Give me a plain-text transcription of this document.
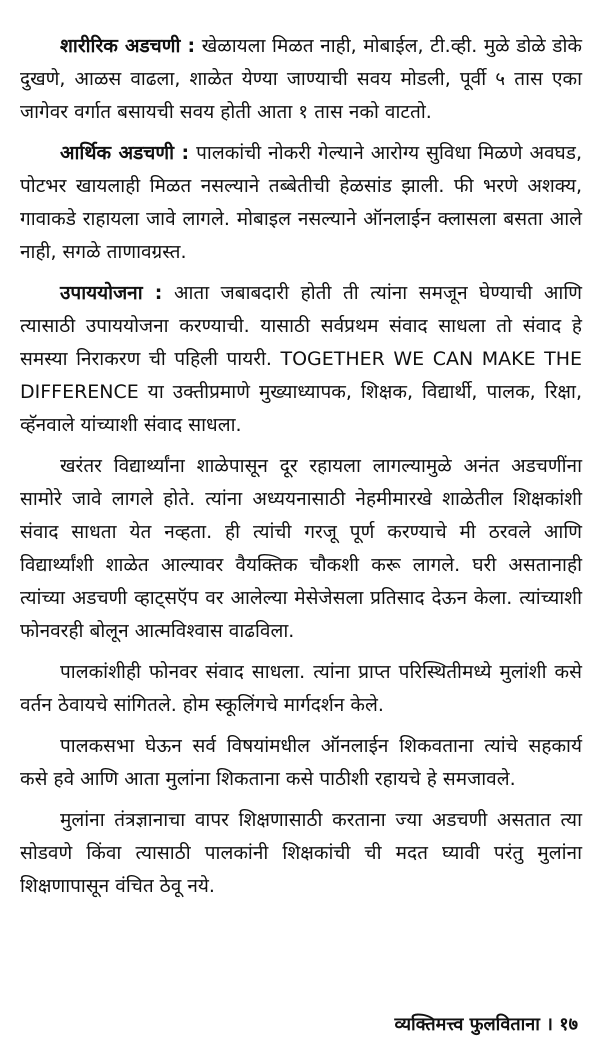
शारीरिक अडचणी : खेळायला मिळत नाही, मोबाईल, टी.व्ही. मुळे डोळे डोके दुखणे, आळस वाढला, शाळेत येण्या जाण्याची सवय मोडली, पूर्वी ५ तास एका जागेवर वर्गात बसायची सवय होती आता १ तास नको वाटतो.

आर्थिक अडचणी : पालकांची नोकरी गेल्याने आरोग्य सुविधा मिळणे अवघड, पोटभर खायलाही मिळत नसल्याने तब्बेतीची हेळसांड झाली. फी भरणे अशक्य, गावाकडे राहायला जावे लागले. मोबाइल नसल्याने ऑनलाईन क्लासला बसता आले नाही, सगळे ताणावग्रस्त.

उपाययोजना : आता जबाबदारी होती ती त्यांना समजून घेण्याची आणि त्यासाठी उपाययोजना करण्याची. यासाठी सर्वप्रथम संवाद साधला तो संवाद हे समस्या निराकरण ची पहिली पायरी. TOGETHER WE CAN MAKE THE DIFFERENCE या उक्तीप्रमाणे मुख्याध्यापक, शिक्षक, विद्यार्थी, पालक, रिक्षा, व्हॅनवाले यांच्याशी संवाद साधला.

खरंतर विद्यार्थ्यांना शाळेपासून दूर रहायला लागल्यामुळे अनंत अडचणींना सामोरे जावे लागले होते. त्यांना अध्ययनासाठी नेहमीमारखे शाळेतील शिक्षकांशी संवाद साधता येत नव्हता. ही त्यांची गरजू पूर्ण करण्याचे मी ठरवले आणि विद्यार्थ्यांशी शाळेत आल्यावर वैयक्तिक चौकशी करू लागले. घरी असतानाही त्यांच्या अडचणी व्हाट्सऍप वर आलेल्या मेसेजेसला प्रतिसाद देऊन केला. त्यांच्याशी फोनवरही बोलून आत्मविश्वास वाढविला.

पालकांशीही फोनवर संवाद साधला. त्यांना प्राप्त परिस्थितीमध्ये मुलांशी कसे वर्तन ठेवायचे सांगितले. होम स्कूलिंगचे मार्गदर्शन केले.

पालकसभा घेऊन सर्व विषयांमधील ऑनलाईन शिकवताना त्यांचे सहकार्य कसे हवे आणि आता मुलांना शिकताना कसे पाठीशी रहायचे हे समजावले.

मुलांना तंत्रज्ञानाचा वापर शिक्षणासाठी करताना ज्या अडचणी असतात त्या सोडवणे किंवा त्यासाठी पालकांनी शिक्षकांची ची मदत घ्यावी परंतु मुलांना शिक्षणापासून वंचित ठेवू नये.

व्यक्तिमत्त्व फुलविताना । १७
